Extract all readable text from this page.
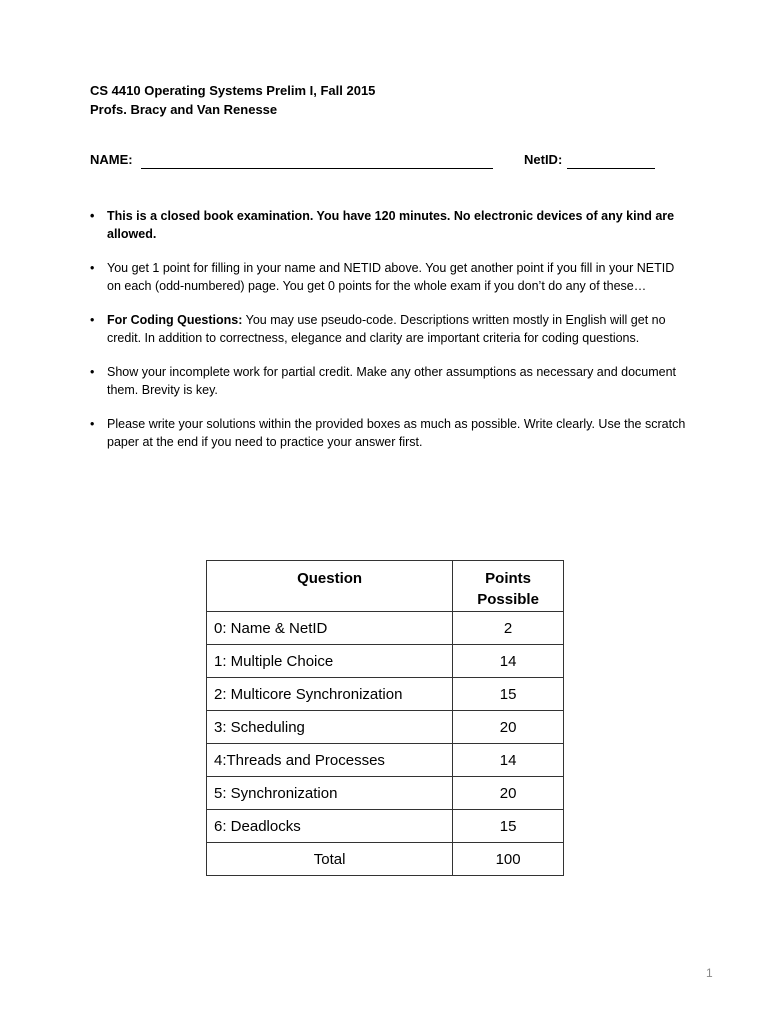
CS 4410 Operating Systems Prelim I, Fall 2015
Profs. Bracy and Van Renesse
NAME:	NetID:
• This is a closed book examination. You have 120 minutes. No electronic devices of any kind are allowed.
• You get 1 point for filling in your name and NETID above. You get another point if you fill in your NETID on each (odd-numbered) page. You get 0 points for the whole exam if you don’t do any of these…
• For Coding Questions: You may use pseudo-code. Descriptions written mostly in English will get no credit. In addition to correctness, elegance and clarity are important criteria for coding questions.
• Show your incomplete work for partial credit. Make any other assumptions as necessary and document them. Brevity is key.
• Please write your solutions within the provided boxes as much as possible. Write clearly. Use the scratch paper at the end if you need to practice your answer first.
Question	Points
Possible
0: Name & NetID	2
1: Multiple Choice	14
2: Multicore Synchronization	15
3: Scheduling	20
4:Threads and Processes	14
5: Synchronization	20
6: Deadlocks	15
Total	100
1
